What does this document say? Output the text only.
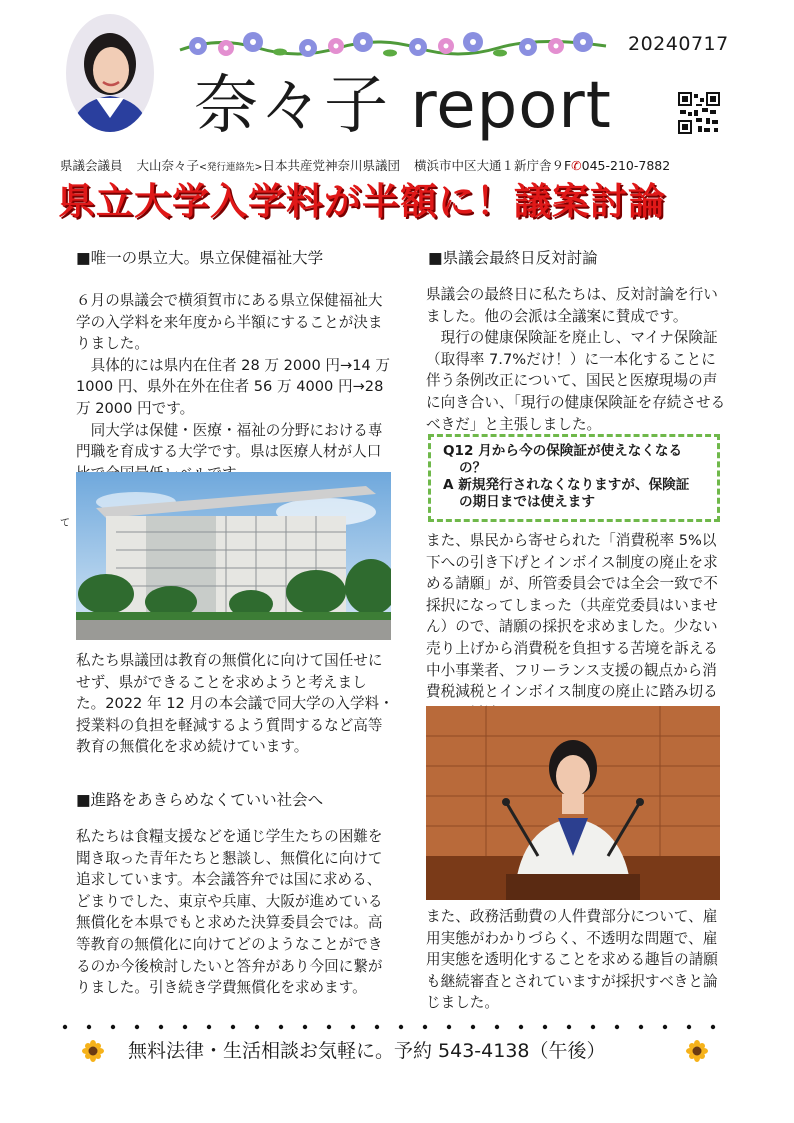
20240717
奈々子 report
県議会議員 大山奈々子<発行連絡先>日本共産党神奈川県議団 横浜市中区大通１新庁舎９F✆045-210-7882
県立大学入学料が半額に！議案討論
■唯一の県立大。県立保健福祉大学
６月の県議会で横須賀市にある県立保健福祉大学の入学料を来年度から半額にすることが決まりました。
　具体的には県内在住者 28 万 2000 円→14 万 1000 円、県外在外在住者 56 万 4000 円→28 万 2000 円です。
　同大学は保健・医療・福祉の分野における専門職を育成する大学です。県は医療人材が人口
て
私たち県議団は教育の無償化に向けて国任せにせず、県ができることを求めようと考えました。2022 年 12 月の本会議で同大学の入学料・授業料の負担を軽減するよう質問するなど高等教育の無償化を求め続けています。
■進路をあきらめなくていい社会へ
私たちは食糧支援などを通じ学生たちの困難を聞き取った青年たちと懇談し、無償化に向けて追求しています。本会議答弁では国に求める、どまりでした、東京や兵庫、大阪が進めている無償化を本県でもと求めた決算委員会では。高等教育の無償化に向けてどのようなことができるのか今後検討したいと答弁があり今回に繋がりました。引き続き学費無償化を求めます。
■県議会最終日反対討論
県議会の最終日に私たちは、反対討論を行いました。他の会派は全議案に賛成です。
　現行の健康保険証を廃止し、マイナ保険証（取得率 7.7%だけ！）に一本化することに伴う条例改正について、国民と医療現場の声に向き合い、「現行の健康保険証を存続させるべきだ」と主張しました。
Q12 月から今の保険証が使えなくなる
の？
A 新規発行されなくなりますが、保険証
の期日までは使えます
また、県民から寄せられた「消費税率 5%以下への引き下げとインボイス制度の廃止を求める請願」が、所管委員会では全会一致で不採択になってしまった（共産党委員はいません）ので、請願の採択を求めました。少ない売り上げから消費税を負担する苦境を訴える中小事業者、フリーランス支援の観点から消費税減税とインボイス制度の廃止に踏み切る
また、政務活動費の人件費部分について、雇用実態がわかりづらく、不透明な問題で、雇用実態を透明化することを求める趣旨の請願も継続審査とされていますが採択すべきと論じました。
無料法律・生活相談お気軽に。予約 543-4138（午後）
